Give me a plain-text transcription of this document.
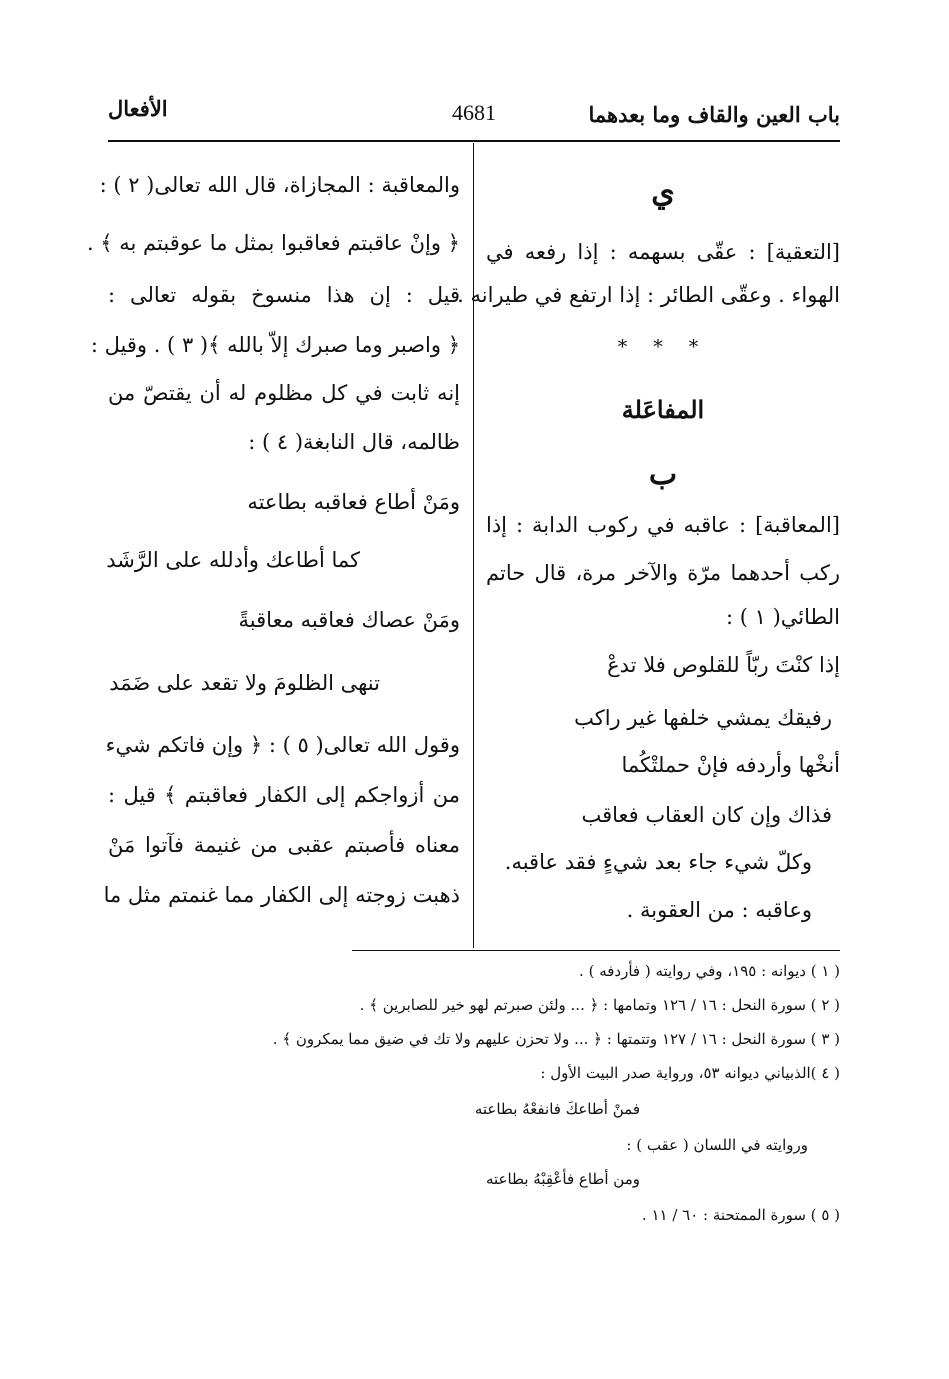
باب العين والقاف وما بعدهما
4681
الأفعال
ي
[التعقية] : عقّى بسهمه : إذا رفعه في
الهواء . وعقّى الطائر : إذا ارتفع في طيرانه .
* * *
المفاعَلة
ب
[المعاقبة] : عاقبه في ركوب الدابة : إذا
ركب أحدهما مرّة والآخر مرة، قال حاتم
الطائي( ١ ) :
إذا كنْتَ ربّاً للقلوص فلا تدعْ
رفيقك يمشي خلفها غير راكب
أنخْها وأردفه فإنْ حملتْكُما
فذاك وإن كان العقاب فعاقب
وكلّ شيء جاء بعد شيءٍ فقد عاقبه.
وعاقبه : من العقوبة .
والمعاقبة : المجازاة، قال الله تعالى( ٢ ) :
﴿ وإنْ عاقبتم فعاقبوا بمثل ما عوقبتم به ﴾ .
قيل : إن هذا منسوخ بقوله تعالى :
﴿ واصبر وما صبرك إلاّ بالله ﴾( ٣ ) . وقيل :
إنه ثابت في كل مظلوم له أن يقتصّ من
ظالمه، قال النابغة( ٤ ) :
ومَنْ أطاع فعاقبه بطاعته
كما أطاعك وأدلله على الرَّشَد
ومَنْ عصاك فعاقبه معاقبةً
تنهى الظلومَ ولا تقعد على ضَمَد
وقول الله تعالى( ٥ ) : ﴿ وإن فاتكم شيء
من أزواجكم إلى الكفار فعاقبتم ﴾ قيل :
معناه فأصبتم عقبى من غنيمة فآتوا مَنْ
ذهبت زوجته إلى الكفار مما غنمتم مثل ما
( ١ ) ديوانه : ١٩٥، وفي روايته ( فأردفه ) .
( ٢ ) سورة النحل : ١٦ / ١٢٦ وتمامها : ﴿ ... ولئن صبرتم لهو خير للصابرين ﴾ .
( ٣ ) سورة النحل : ١٦ / ١٢٧ وتتمتها : ﴿ ... ولا تحزن عليهم ولا تك في ضيق مما يمكرون ﴾ .
( ٤ )الذبياني ديوانه ٥٣، ورواية صدر البيت الأول :
فمنْ أطاعكَ فانفعْهُ بطاعته
وروايته في اللسان ( عقب ) :
ومن أطاع فأعْقِبْهُ بطاعته
( ٥ ) سورة الممتحنة : ٦٠ / ١١ .
